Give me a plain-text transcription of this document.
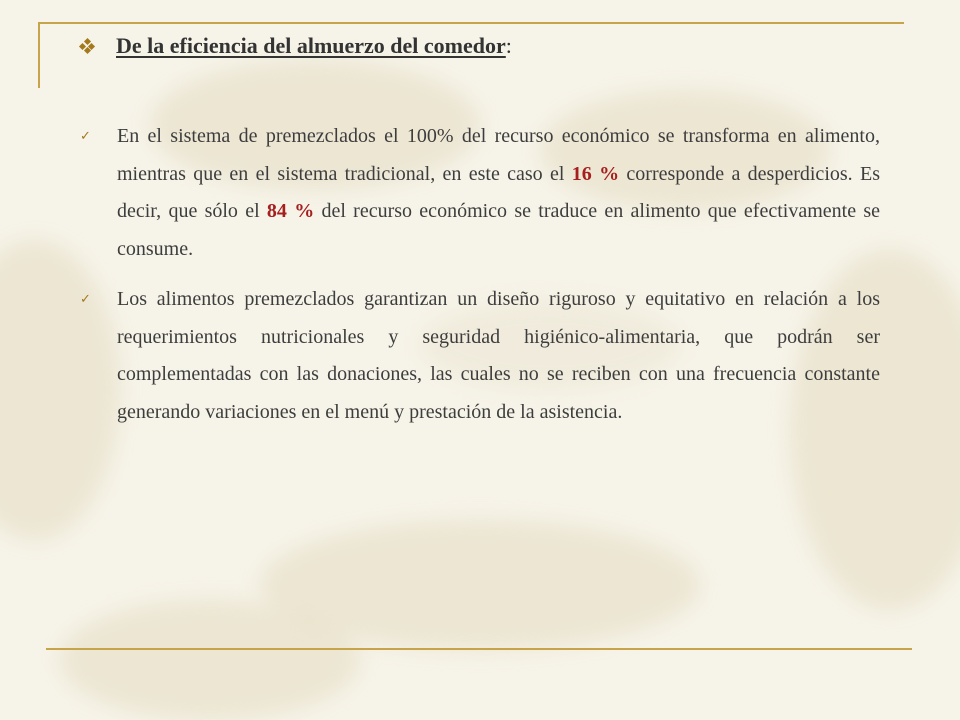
De la eficiencia del almuerzo del comedor :
✓	En el sistema de premezclados el 100% del recurso económico se transforma en alimento, mientras que en el sistema tradicional, en este caso el 16 % corresponde a desperdicios. Es decir, que sólo el 84 % del recurso económico se traduce en alimento que efectivamente se consume.

✓	Los alimentos premezclados garantizan un diseño riguroso y equitativo en relación a los requerimientos nutricionales y seguridad higiénico-alimentaria, que podrán ser complementadas con las donaciones, las cuales no se reciben con una frecuencia constante generando variaciones en el menú y prestación de la asistencia.
